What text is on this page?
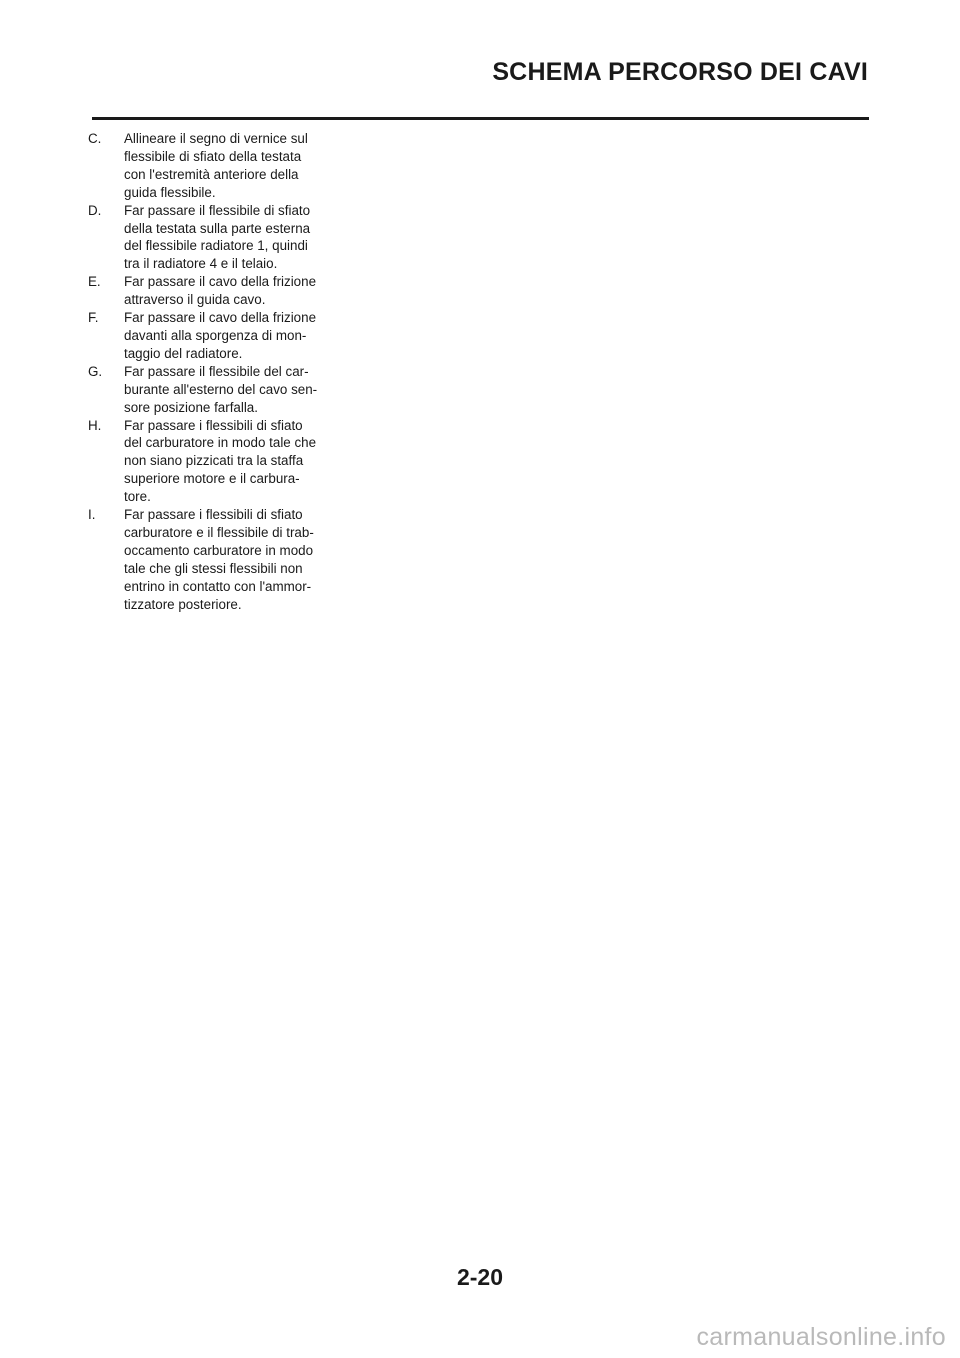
SCHEMA PERCORSO DEI CAVI
C. Allineare il segno di vernice sul
flessibile di sfiato della testata
con l'estremità anteriore della
guida flessibile.
D. Far passare il flessibile di sfiato
della testata sulla parte esterna
del flessibile radiatore 1, quindi
tra il radiatore 4 e il telaio.
E. Far passare il cavo della frizione
attraverso il guida cavo.
F. Far passare il cavo della frizione
davanti alla sporgenza di mon-
taggio del radiatore.
G. Far passare il flessibile del car-
burante all'esterno del cavo sen-
sore posizione farfalla.
H. Far passare i flessibili di sfiato
del carburatore in modo tale che
non siano pizzicati tra la staffa
superiore motore e il carbura-
tore.
I. Far passare i flessibili di sfiato
carburatore e il flessibile di trab-
occamento carburatore in modo
tale che gli stessi flessibili non
entrino in contatto con l'ammor-
tizzatore posteriore.

2-20

carmanualsonline.info
